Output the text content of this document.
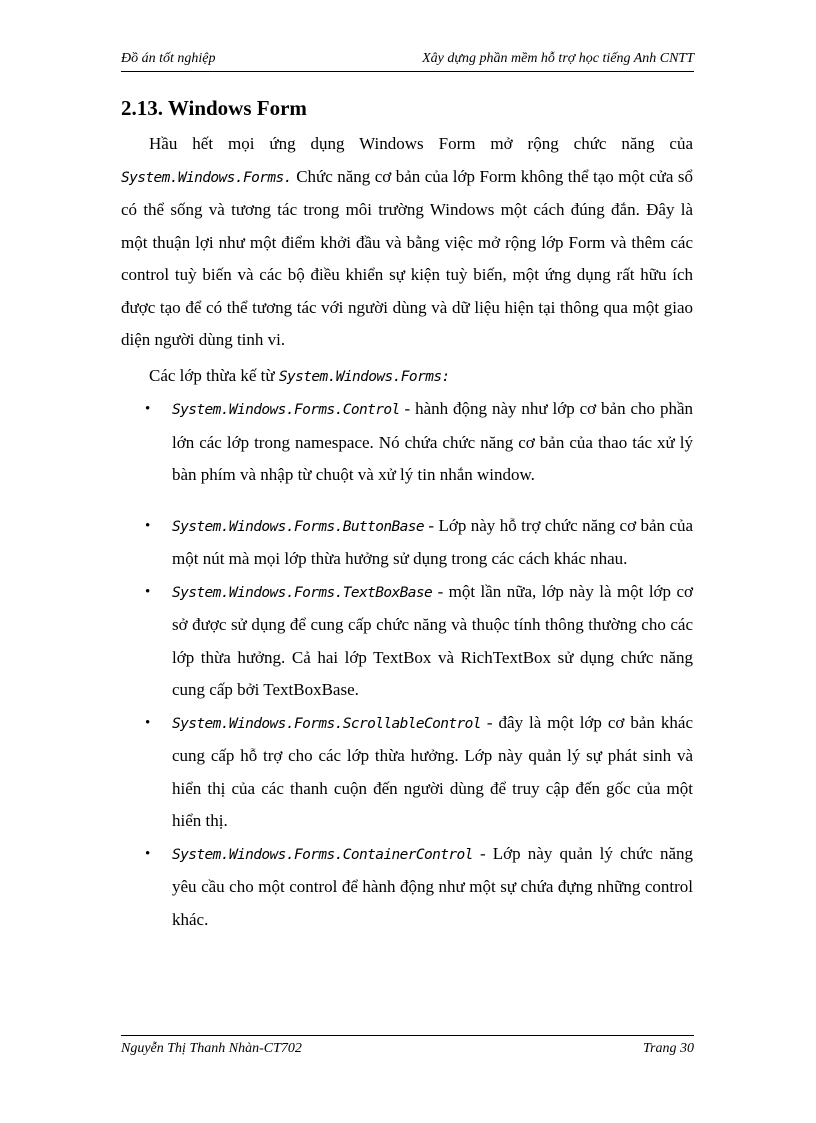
Đồ án tốt nghiệp	Xây dựng phần mềm hỗ trợ học tiếng Anh CNTT
2.13. Windows Form

Hầu hết mọi ứng dụng Windows Form mở rộng chức năng của System.Windows.Forms. Chức năng cơ bản của lớp Form không thể tạo một cửa sổ có thể sống và tương tác trong môi trường Windows một cách đúng đắn. Đây là một thuận lợi như một điểm khởi đầu và bằng việc mở rộng lớp Form và thêm các control tuỳ biến và các bộ điều khiển sự kiện tuỳ biến, một ứng dụng rất hữu ích được tạo để có thể tương tác với người dùng và dữ liệu hiện tại thông qua một giao diện người dùng tinh vi.

Các lớp thừa kế từ System.Windows.Forms:

• System.Windows.Forms.Control - hành động này như lớp cơ bản cho phần lớn các lớp trong namespace. Nó chứa chức năng cơ bản của thao tác xử lý bàn phím và nhập từ chuột và xử lý tin nhắn window.
• System.Windows.Forms.ButtonBase - Lớp này hỗ trợ chức năng cơ bản của một nút mà mọi lớp thừa hưởng sử dụng trong các cách khác nhau.
• System.Windows.Forms.TextBoxBase - một lần nữa, lớp này là một lớp cơ sở được sử dụng để cung cấp chức năng và thuộc tính thông thường cho các lớp thừa hưởng. Cả hai lớp TextBox và RichTextBox sử dụng chức năng cung cấp bởi TextBoxBase.
• System.Windows.Forms.ScrollableControl - đây là một lớp cơ bản khác cung cấp hỗ trợ cho các lớp thừa hưởng. Lớp này quản lý sự phát sinh và hiển thị của các thanh cuộn đến người dùng để truy cập đến gốc của một hiển thị.
• System.Windows.Forms.ContainerControl - Lớp này quản lý chức năng yêu cầu cho một control để hành động như một sự chứa đựng những control khác.
Nguyễn Thị Thanh Nhàn-CT702	Trang 30
